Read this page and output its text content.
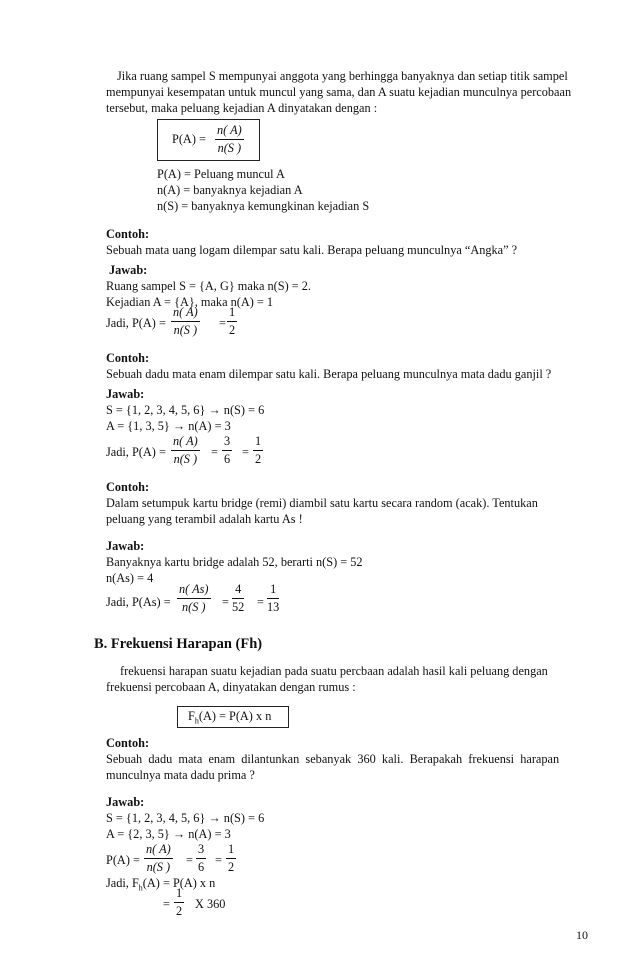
Jika ruang sampel S mempunyai anggota yang berhingga banyaknya dan setiap titik sampel
mempunyai kesempatan untuk muncul yang sama, dan A suatu kejadian munculnya percobaan
tersebut, maka peluang kejadian A dinyatakan dengan :
$P(A) = \frac{n( A)}{n(S )}$
P(A) = Peluang muncul A
n(A) = banyaknya kejadian A
n(S) = banyaknya kemungkinan kejadian S
Contoh:
Sebuah mata uang logam dilempar satu kali. Berapa peluang munculnya “Angka” ?
Jawab:
Ruang sampel S = {A, G} maka n(S) = 2.
Kejadian A = {A}, maka n(A) = 1
Jadi, $P(A) = \frac{n( A)}{n(S )} = \frac{1}{2}$
Contoh:
Sebuah dadu mata enam dilempar satu kali. Berapa peluang munculnya mata dadu ganjil ?
Jawab:
S = {1, 2, 3, 4, 5, 6} → n(S) = 6
A = {1, 3, 5} → n(A) = 3
Jadi, $P(A) = \frac{n( A)}{n(S )} = \frac{3}{6} = \frac{1}{2}$
Contoh:
Dalam setumpuk kartu bridge (remi) diambil satu kartu secara random (acak). Tentukan
peluang yang terambil adalah kartu As !
Jawab:
Banyaknya kartu bridge adalah 52, berarti n(S) = 52
n(As) = 4
Jadi, $P(As) = \frac{n( As)}{n(S )} = \frac{4}{52} = \frac{1}{13}$
B. Frekuensi Harapan (Fh)
frekuensi harapan suatu kejadian pada suatu percbaan adalah hasil kali peluang dengan
frekuensi percobaan A, dinyatakan dengan rumus :
$F_h(A) = P(A)$ x n
Contoh:
Sebuah  dadu  mata  enam  dilantunkan  sebanyak  360  kali.  Berapakah  frekuensi  harapan
munculnya mata dadu prima ?
Jawab:
S = {1, 2, 3, 4, 5, 6} → n(S) = 6
A = {2, 3, 5} → n(A) = 3
$P(A) = \frac{n( A)}{n(S )} = \frac{3}{6} = \frac{1}{2}$
Jadi, $F_h(A) = P(A)$ x n
= $\frac{1}{2}$ X 360
10
